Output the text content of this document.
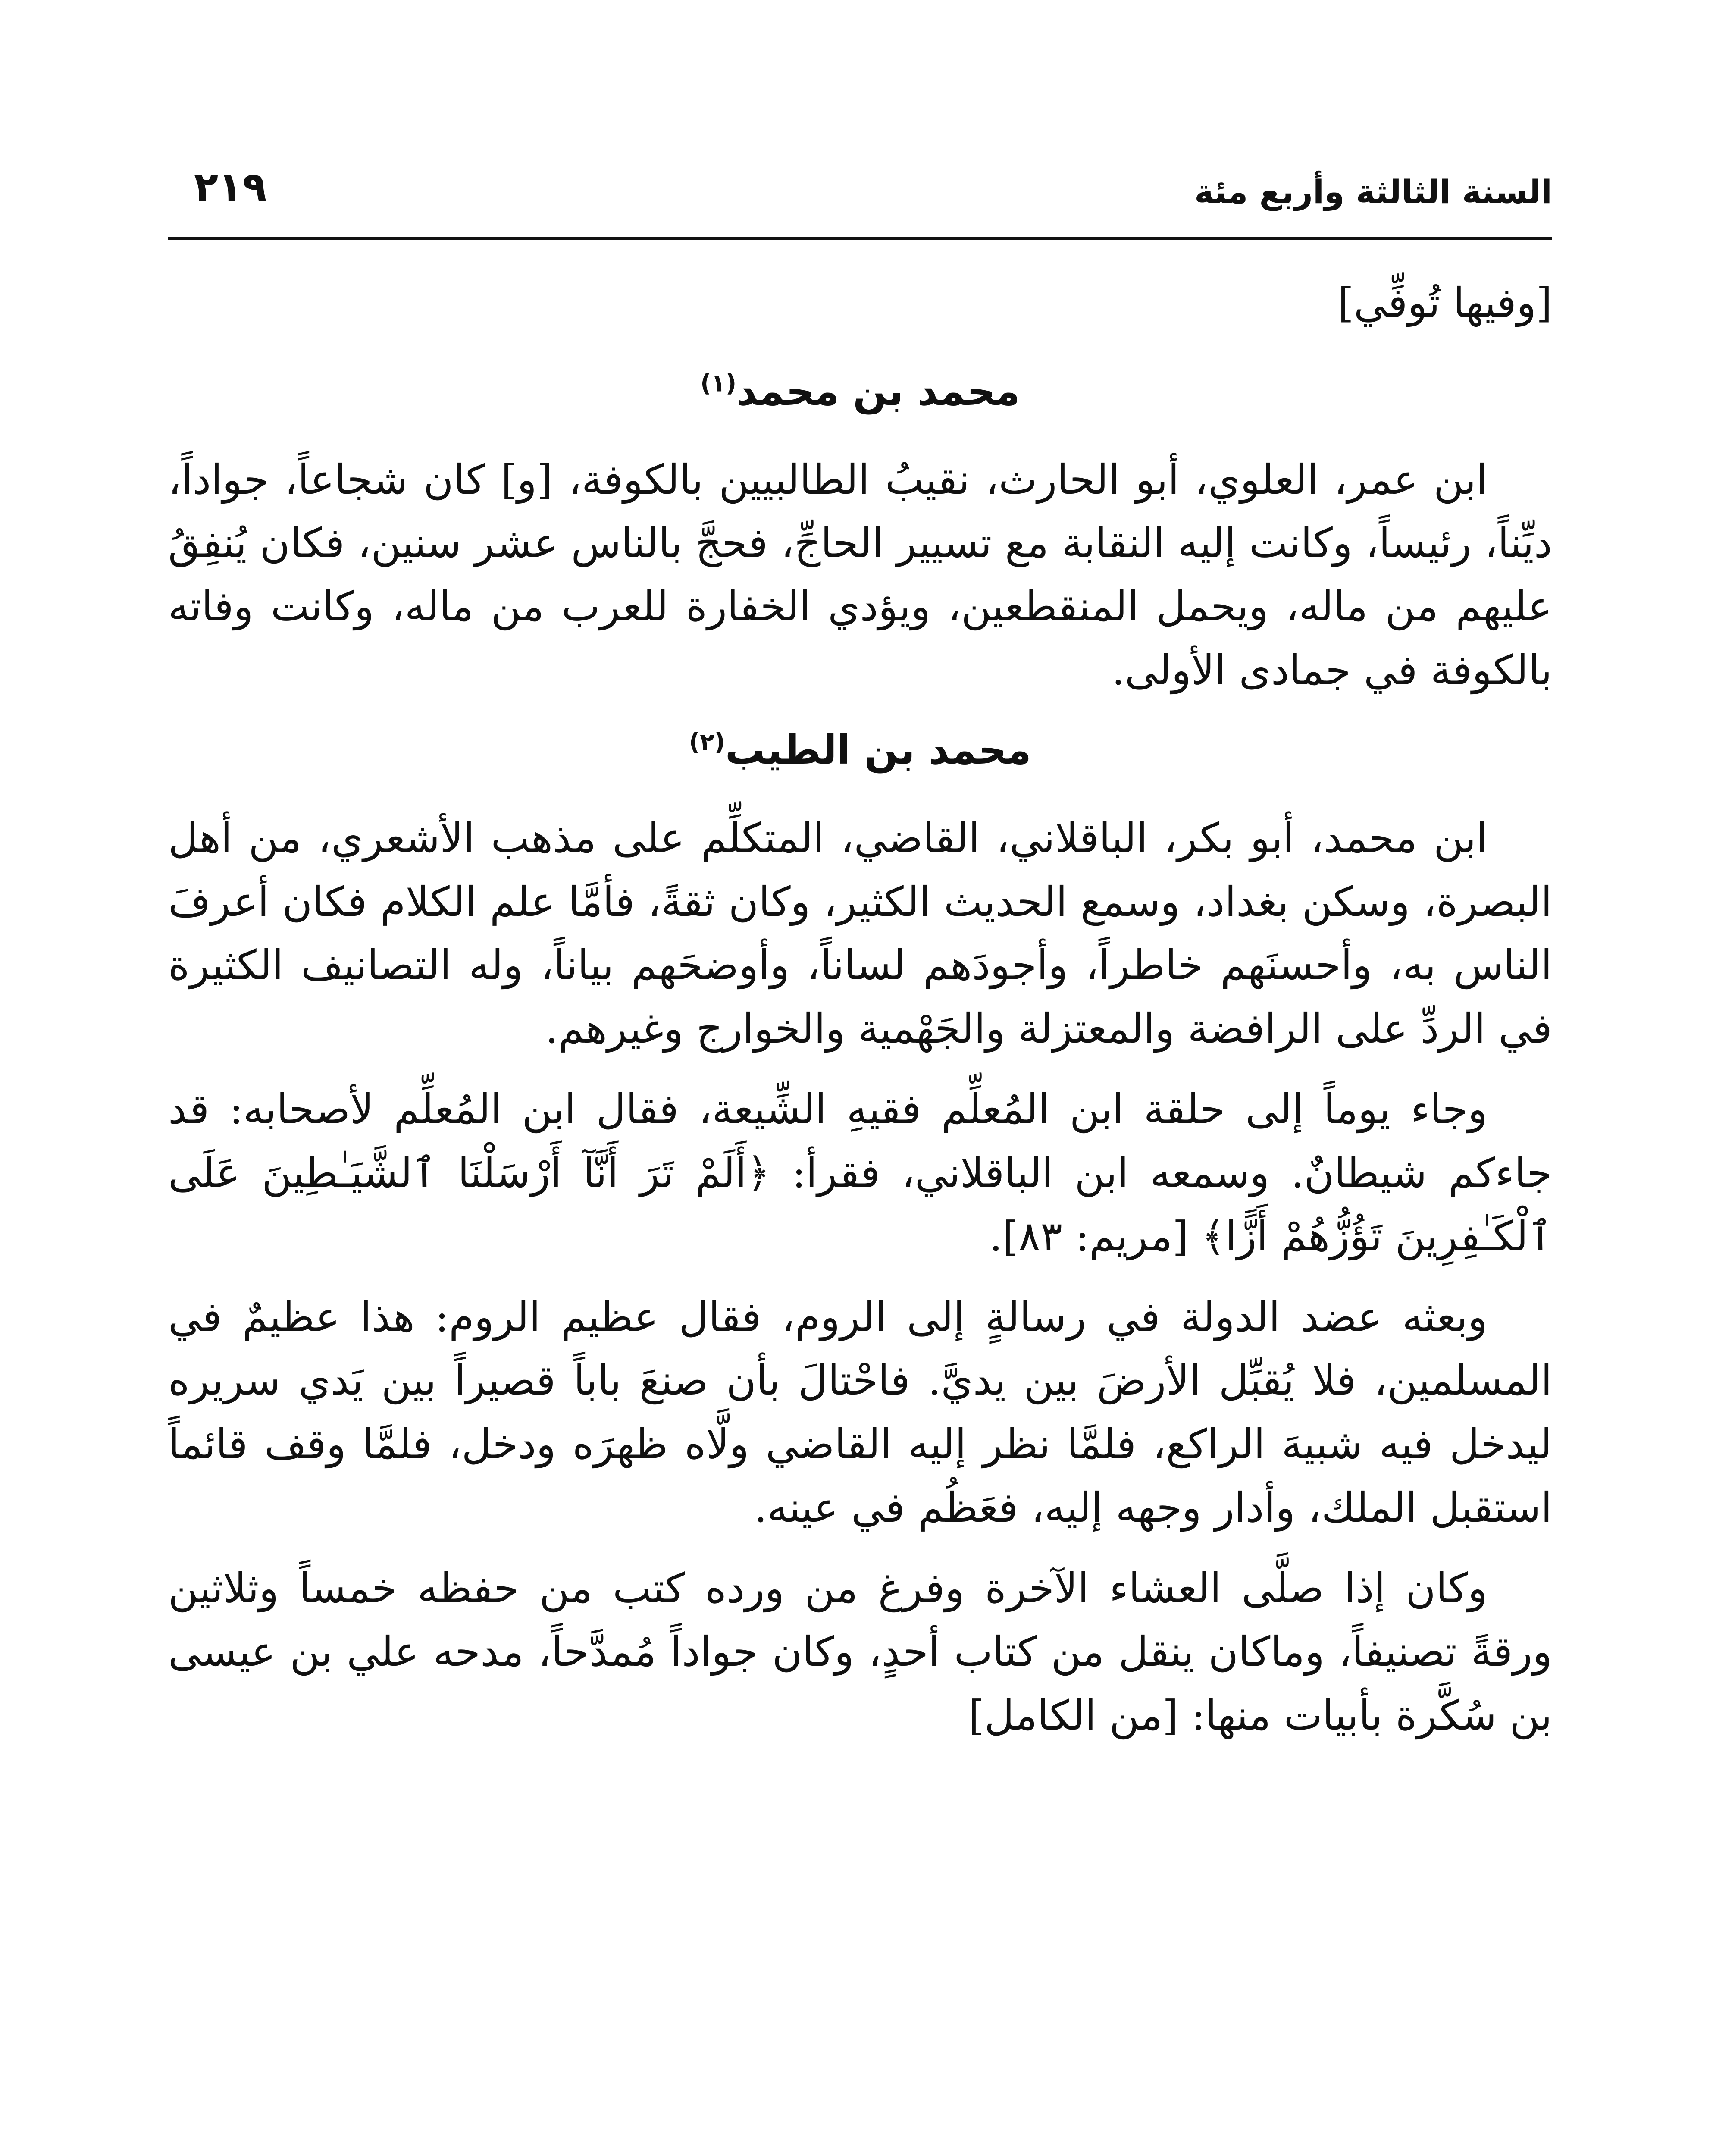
السنة الثالثة وأربع مئة
٢١٩
[وفيها تُوفِّي]
محمد بن محمد$^{(١)}$

ابن عمر، العلوي، أبو الحارث، نقيبُ الطالبيين بالكوفة، [و] كان شجاعاً، جواداً، ديِّناً، رئيساً، وكانت إليه النقابة مع تسيير الحاجِّ، فحجَّ بالناس عشر سنين، فكان يُنفِقُ عليهم من ماله، ويحمل المنقطعين، ويؤدي الخفارة للعرب من ماله، وكانت وفاته بالكوفة في جمادى الأولى.

محمد بن الطيب$^{(٢)}$

ابن محمد، أبو بكر، الباقلاني، القاضي، المتكلِّم على مذهب الأشعري، من أهل البصرة، وسكن بغداد، وسمع الحديث الكثير، وكان ثقةً، فأمَّا علم الكلام فكان أعرفَ الناس به، وأحسنَهم خاطراً، وأجودَهم لساناً، وأوضحَهم بياناً، وله التصانيف الكثيرة في الردِّ على الرافضة والمعتزلة والجَهْمية والخوارج وغيرهم.

وجاء يوماً إلى حلقة ابن المُعلِّم فقيهِ الشِّيعة، فقال ابن المُعلِّم لأصحابه: قد جاءكم شيطانٌ. وسمعه ابن الباقلاني، فقرأ: ﴿أَلَمْ تَرَ أَنَّآ أَرْسَلْنَا ٱلشَّيَـٰطِينَ عَلَى ٱلْكَـٰفِرِينَ تَؤُزُّهُمْ أَزًّا﴾ [مريم: ٨٣].

وبعثه عضد الدولة في رسالةٍ إلى الروم، فقال عظيم الروم: هذا عظيمٌ في المسلمين، فلا يُقبِّل الأرضَ بين يديَّ. فاحْتالَ بأن صنعَ باباً قصيراً بين يَدي سريره ليدخل فيه شبيهَ الراكع، فلمَّا نظر إليه القاضي ولَّاه ظهرَه ودخل، فلمَّا وقف قائماً استقبل الملك، وأدار وجهه إليه، فعَظُم في عينه.

وكان إذا صلَّى العشاء الآخرة وفرغ من ورده كتب من حفظه خمساً وثلاثين ورقةً تصنيفاً، وماكان ينقل من كتاب أحدٍ، وكان جواداً مُمدَّحاً، مدحه علي بن عيسى بن سُكَّرة بأبيات منها: [من الكامل]
